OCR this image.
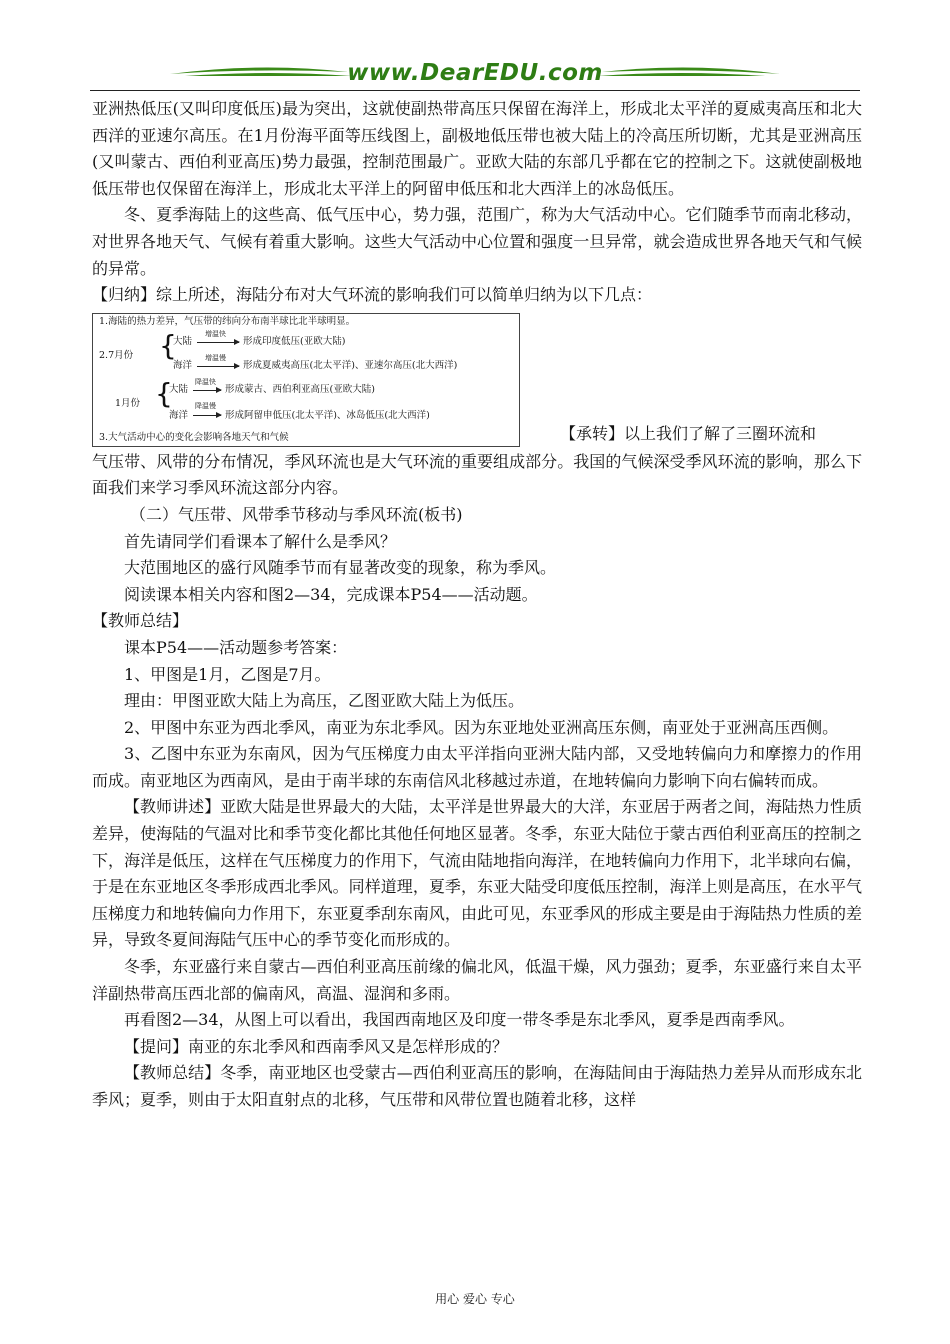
www.DearEDU.com

亚洲热低压(又叫印度低压)最为突出，这就使副热带高压只保留在海洋上，形成北太平洋的夏威夷高压和北大西洋的亚速尔高压。在1月份海平面等压线图上，副极地低压带也被大陆上的冷高压所切断，尤其是亚洲高压(又叫蒙古、西伯利亚高压)势力最强，控制范围最广。亚欧大陆的东部几乎都在它的控制之下。这就使副极地低压带也仅保留在海洋上，形成北太平洋上的阿留申低压和北大西洋上的冰岛低压。

冬、夏季海陆上的这些高、低气压中心，势力强，范围广，称为大气活动中心。它们随季节而南北移动，对世界各地天气、气候有着重大影响。这些大气活动中心位置和强度一旦异常，就会造成世界各地天气和气候的异常。

【归纳】综上所述，海陆分布对大气环流的影响我们可以简单归纳为以下几点：

1.海陆的热力差异，气压带的纬向分布南半球比北半球明显。
2.7月份 {
大陆
增温快
形成印度低压(亚欧大陆)
海洋
增温慢
形成夏威夷高压(北太平洋)、亚速尔高压(北大西洋)
1月份 {
大陆
降温快
形成蒙古、西伯利亚高压(亚欧大陆)
海洋
降温慢
形成阿留申低压(北太平洋)、冰岛低压(北大西洋)
3.大气活动中心的变化会影响各地天气和气候	【承转】以上我们了解了三圈环流和

气压带、风带的分布情况，季风环流也是大气环流的重要组成部分。我国的气候深受季风环流的影响，那么下面我们来学习季风环流这部分内容。

（二）气压带、风带季节移动与季风环流(板书)

首先请同学们看课本了解什么是季风？

大范围地区的盛行风随季节而有显著改变的现象，称为季风。

阅读课本相关内容和图2—34，完成课本P54——活动题。

【教师总结】

课本P54——活动题参考答案：

1、甲图是1月，乙图是7月。

理由：甲图亚欧大陆上为高压，乙图亚欧大陆上为低压。

2、甲图中东亚为西北季风，南亚为东北季风。因为东亚地处亚洲高压东侧，南亚处于亚洲高压西侧。

3、乙图中东亚为东南风，因为气压梯度力由太平洋指向亚洲大陆内部，又受地转偏向力和摩擦力的作用而成。南亚地区为西南风，是由于南半球的东南信风北移越过赤道，在地转偏向力影响下向右偏转而成。

【教师讲述】亚欧大陆是世界最大的大陆，太平洋是世界最大的大洋，东亚居于两者之间，海陆热力性质差异，使海陆的气温对比和季节变化都比其他任何地区显著。冬季，东亚大陆位于蒙古西伯利亚高压的控制之下，海洋是低压，这样在气压梯度力的作用下，气流由陆地指向海洋，在地转偏向力作用下，北半球向右偏，于是在东亚地区冬季形成西北季风。同样道理，夏季，东亚大陆受印度低压控制，海洋上则是高压，在水平气压梯度力和地转偏向力作用下，东亚夏季刮东南风，由此可见，东亚季风的形成主要是由于海陆热力性质的差异，导致冬夏间海陆气压中心的季节变化而形成的。

冬季，东亚盛行来自蒙古—西伯利亚高压前缘的偏北风，低温干燥，风力强劲；夏季，东亚盛行来自太平洋副热带高压西北部的偏南风，高温、湿润和多雨。

再看图2—34，从图上可以看出，我国西南地区及印度一带冬季是东北季风，夏季是西南季风。

【提问】南亚的东北季风和西南季风又是怎样形成的？

【教师总结】冬季，南亚地区也受蒙古—西伯利亚高压的影响，在海陆间由于海陆热力差异从而形成东北季风；夏季，则由于太阳直射点的北移，气压带和风带位置也随着北移，这样

用心 爱心 专心
